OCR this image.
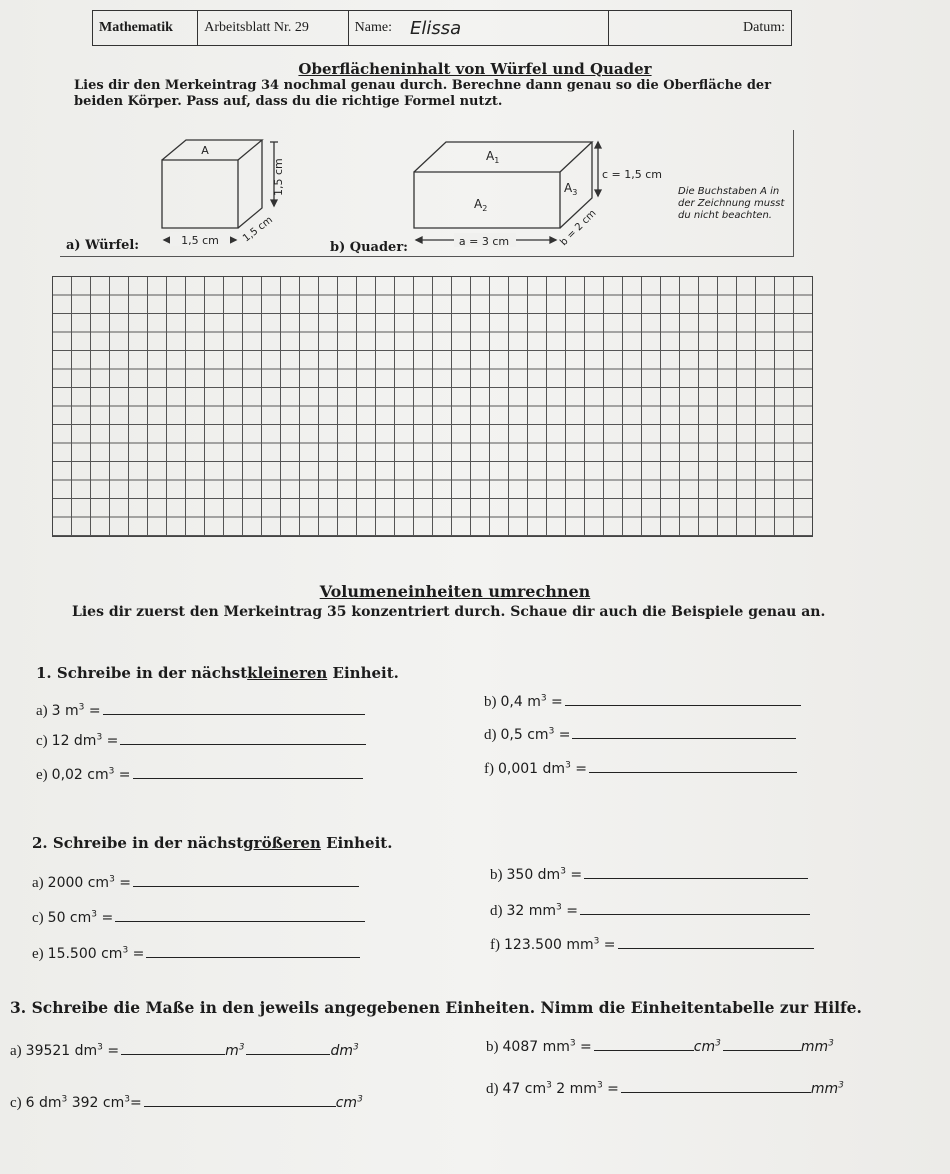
Mathematik	Arbeitsblatt Nr. 29	Name: Elissa	Datum:
Oberflächeninhalt von Würfel und Quader
Lies dir den Merkeintrag 34 nochmal genau durch. Berechne dann genau so die Oberfläche der beiden Körper. Pass auf, dass du die richtige Formel nutzt.
a) Würfel:
A
1,5 cm
1,5 cm
1,5 cm
b) Quader:
$A_1$
$A_2$
$A_3$
c = 1,5 cm
a = 3 cm	b = 2 cm
Die Buchstaben A in der Zeichnung musst du nicht beachten.
Volumeneinheiten umrechnen
Lies dir zuerst den Merkeintrag 35 konzentriert durch. Schaue dir auch die Beispiele genau an.
1. Schreibe in der nächstkleineren Einheit.
a) 3 $m^3$ =
b) 0,4 $m^3$ =
c) 12 $dm^3$ =	d) 0,5 $cm^3$ =
e) 0,02 $cm^3$ =	f) 0,001 $dm^3$ =
2. Schreibe in der nächstgrößeren Einheit.
a) 2000 $cm^3$ =	b) 350 $dm^3$ =
c) 50 $cm^3$ =	d) 32 $mm^3$ =
e) 15.500 $cm^3$ =
f) 123.500 $mm^3$ =
3. Schreibe die Maße in den jeweils angegebenen Einheiten. Nimm die Einheitentabelle zur Hilfe.
a) 39521 $dm^3$ =	$m^3$	$dm^3$	b) 4087 $mm^3$ =	$cm^3$	$mm^3$
c) 6 $dm^3$ 392 $cm^3=$	$cm^3$
d) 47 $cm^3$ 2 $mm^3$ =	$mm^3$
